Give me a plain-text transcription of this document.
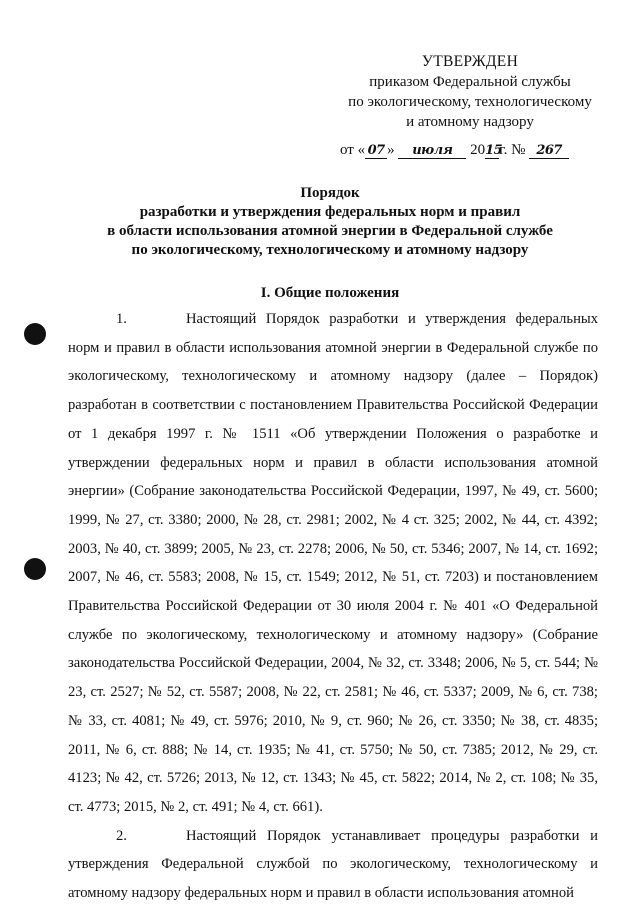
УТВЕРЖДЕН
приказом Федеральной службы
по экологическому, технологическому
и атомному надзору
от « 07 » июля 2015г. № 267
Порядок
разработки и утверждения федеральных норм и правил
в области использования атомной энергии в Федеральной службе
по экологическому, технологическому и атомному надзору
I. Общие положения

1.	Настоящий Порядок разработки и утверждения федеральных норм и правил в области использования атомной энергии в Федеральной службе по экологическому, технологическому и атомному надзору (далее – Порядок) разработан в соответствии с постановлением Правительства Российской Федерации от 1 декабря 1997 г. № 1511 «Об утверждении Положения о разработке и утверждении федеральных норм и правил в области использования атомной энергии» (Собрание законодательства Российской Федерации, 1997, № 49, ст. 5600; 1999, № 27, ст. 3380; 2000, № 28, ст. 2981; 2002, № 4 ст. 325; 2002, № 44, ст. 4392; 2003, № 40, ст. 3899; 2005, № 23, ст. 2278; 2006, № 50, ст. 5346; 2007, № 14, ст. 1692; 2007, № 46, ст. 5583; 2008, № 15, ст. 1549; 2012, № 51, ст. 7203) и постановлением Правительства Российской Федерации от 30 июля 2004 г. № 401 «О Федеральной службе по экологическому, технологическому и атомному надзору» (Собрание законодательства Российской Федерации, 2004, № 32, ст. 3348; 2006, № 5, ст. 544; № 23, ст. 2527; № 52, ст. 5587; 2008, № 22, ст. 2581; № 46, ст. 5337; 2009, № 6, ст. 738; № 33, ст. 4081; № 49, ст. 5976; 2010, № 9, ст. 960; № 26, ст. 3350; № 38, ст. 4835; 2011, № 6, ст. 888; № 14, ст. 1935; № 41, ст. 5750; № 50, ст. 7385; 2012, № 29, ст. 4123; № 42, ст. 5726; 2013, № 12, ст. 1343; № 45, ст. 5822; 2014, № 2, ст. 108; № 35, ст. 4773; 2015, № 2, ст. 491; № 4, ст. 661).

2.	Настоящий Порядок устанавливает процедуры разработки и утверждения Федеральной службой по экологическому, технологическому и атомному надзору федеральных норм и правил в области использования атомной
